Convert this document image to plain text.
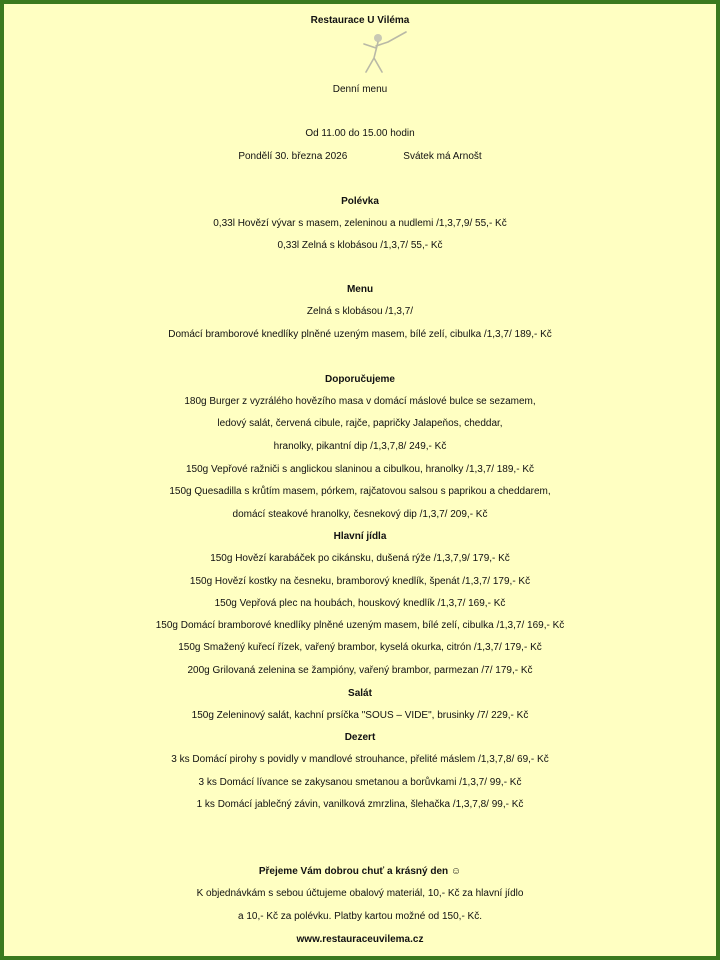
Restaurace U Viléma
Denní menu
Od 11.00 do 15.00 hodin
Pondělí 30. března 2026	Svátek má Arnošt
Polévka
0,33l Hovězí vývar s masem, zeleninou a nudlemi /1,3,7,9/ 55,- Kč
0,33l Zelná s klobásou /1,3,7/ 55,- Kč
Menu
Zelná s klobásou /1,3,7/
Domácí bramborové knedlíky plněné uzeným masem, bílé zelí, cibulka /1,3,7/ 189,- Kč
Doporučujeme
180g Burger z vyzrálého hovězího masa v domácí máslové bulce se sezamem,
ledový salát, červená cibule, rajče, papričky Jalapeňos, cheddar,
hranolky, pikantní dip /1,3,7,8/ 249,- Kč
150g Vepřové ražniči s anglickou slaninou a cibulkou, hranolky /1,3,7/ 189,- Kč
150g Quesadilla s krůtím masem, pórkem, rajčatovou salsou s paprikou a cheddarem,
domácí steakové hranolky, česnekový dip /1,3,7/ 209,- Kč
Hlavní jídla
150g Hovězí karabáček po cikánsku, dušená rýže /1,3,7,9/ 179,- Kč
150g Hovězí kostky na česneku, bramborový knedlík, špenát /1,3,7/ 179,- Kč
150g Vepřová plec na houbách, houskový knedlík /1,3,7/ 169,- Kč
150g Domácí bramborové knedlíky plněné uzeným masem, bílé zelí, cibulka /1,3,7/ 169,- Kč
150g Smažený kuřecí řízek, vařený brambor, kyselá okurka, citrón /1,3,7/ 179,- Kč
200g Grilovaná zelenina se žampióny, vařený brambor, parmezan /7/ 179,- Kč
Salát
150g Zeleninový salát, kachní prsíčka "SOUS – VIDE", brusinky /7/ 229,- Kč
Dezert
3 ks Domácí pirohy s povidly v mandlové strouhance, přelité máslem /1,3,7,8/ 69,- Kč
3 ks Domácí lívance se zakysanou smetanou a borůvkami /1,3,7/ 99,- Kč
1 ks Domácí jablečný závin, vanilková zmrzlina, šlehačka /1,3,7,8/ 99,- Kč
Přejeme Vám dobrou chuť a krásný den ☺
K objednávkám s sebou účtujeme obalový materiál, 10,- Kč za hlavní jídlo
a 10,- Kč za polévku. Platby kartou možné od 150,- Kč.
www.restauraceuvilema.cz
